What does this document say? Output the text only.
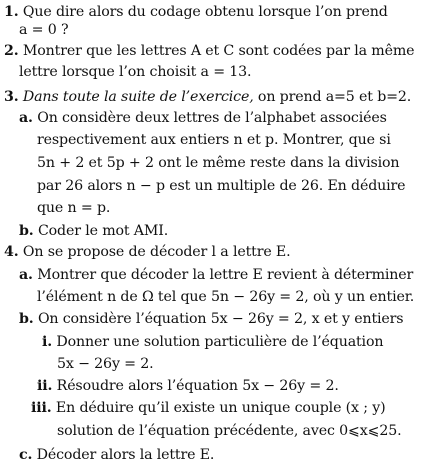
1. Que dire alors du codage obtenu lorsque l’on prend
a = 0 ?
2. Montrer que les lettres A et C sont codées par la même
lettre lorsque l’on choisit a = 13.
3. Dans toute la suite de l’exercice, on prend a=5 et b=2.
a. On considère deux lettres de l’alphabet associées
respectivement aux entiers n et p. Montrer, que si
5n + 2 et 5p + 2 ont le même reste dans la division
par 26 alors n − p est un multiple de 26. En déduire
que n = p.
b. Coder le mot AMI.
4. On se propose de décoder l a lettre E.
a. Montrer que décoder la lettre E revient à déterminer
l’élément n de Ω tel que 5n − 26y = 2, où y un entier.
b. On considère l’équation 5x − 26y = 2, x et y entiers
i. Donner une solution particulière de l’équation
5x − 26y = 2.
ii. Résoudre alors l’équation 5x − 26y = 2.
iii. En déduire qu’il existe un unique couple (x ; y)
solution de l’équation précédente, avec 0⩽x⩽25.
c. Décoder alors la lettre E.
